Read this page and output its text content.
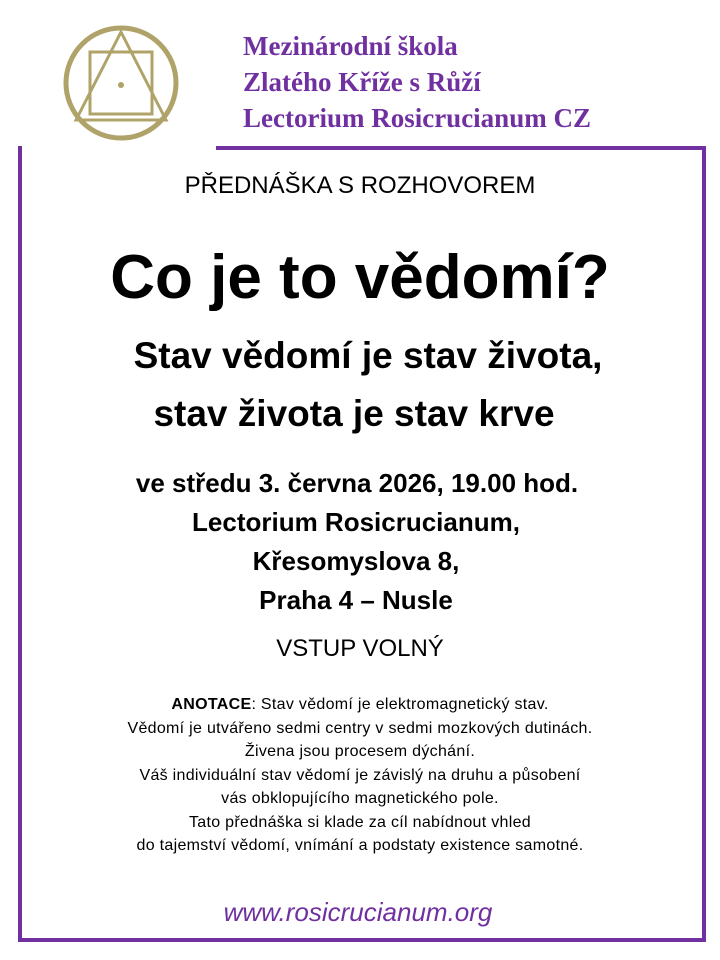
Mezinárodní škola
Zlatého Kříže s Růží
Lectorium Rosicrucianum CZ
PŘEDNÁŠKA S ROZHOVOREM
Co je to vědomí?
Stav vědomí je stav života,
stav života je stav krve
ve středu 3. června 2026, 19.00 hod.
Lectorium Rosicrucianum,
Křesomyslova 8,
Praha 4 – Nusle
VSTUP VOLNÝ
ANOTACE: Stav vědomí je elektromagnetický stav.
Vědomí je utvářeno sedmi centry v sedmi mozkových dutinách.
Živena jsou procesem dýchání.
Váš individuální stav vědomí je závislý na druhu a působení
vás obklopujícího magnetického pole.
Tato přednáška si klade za cíl nabídnout vhled
do tajemství vědomí, vnímání a podstaty existence samotné.
www.rosicrucianum.org
